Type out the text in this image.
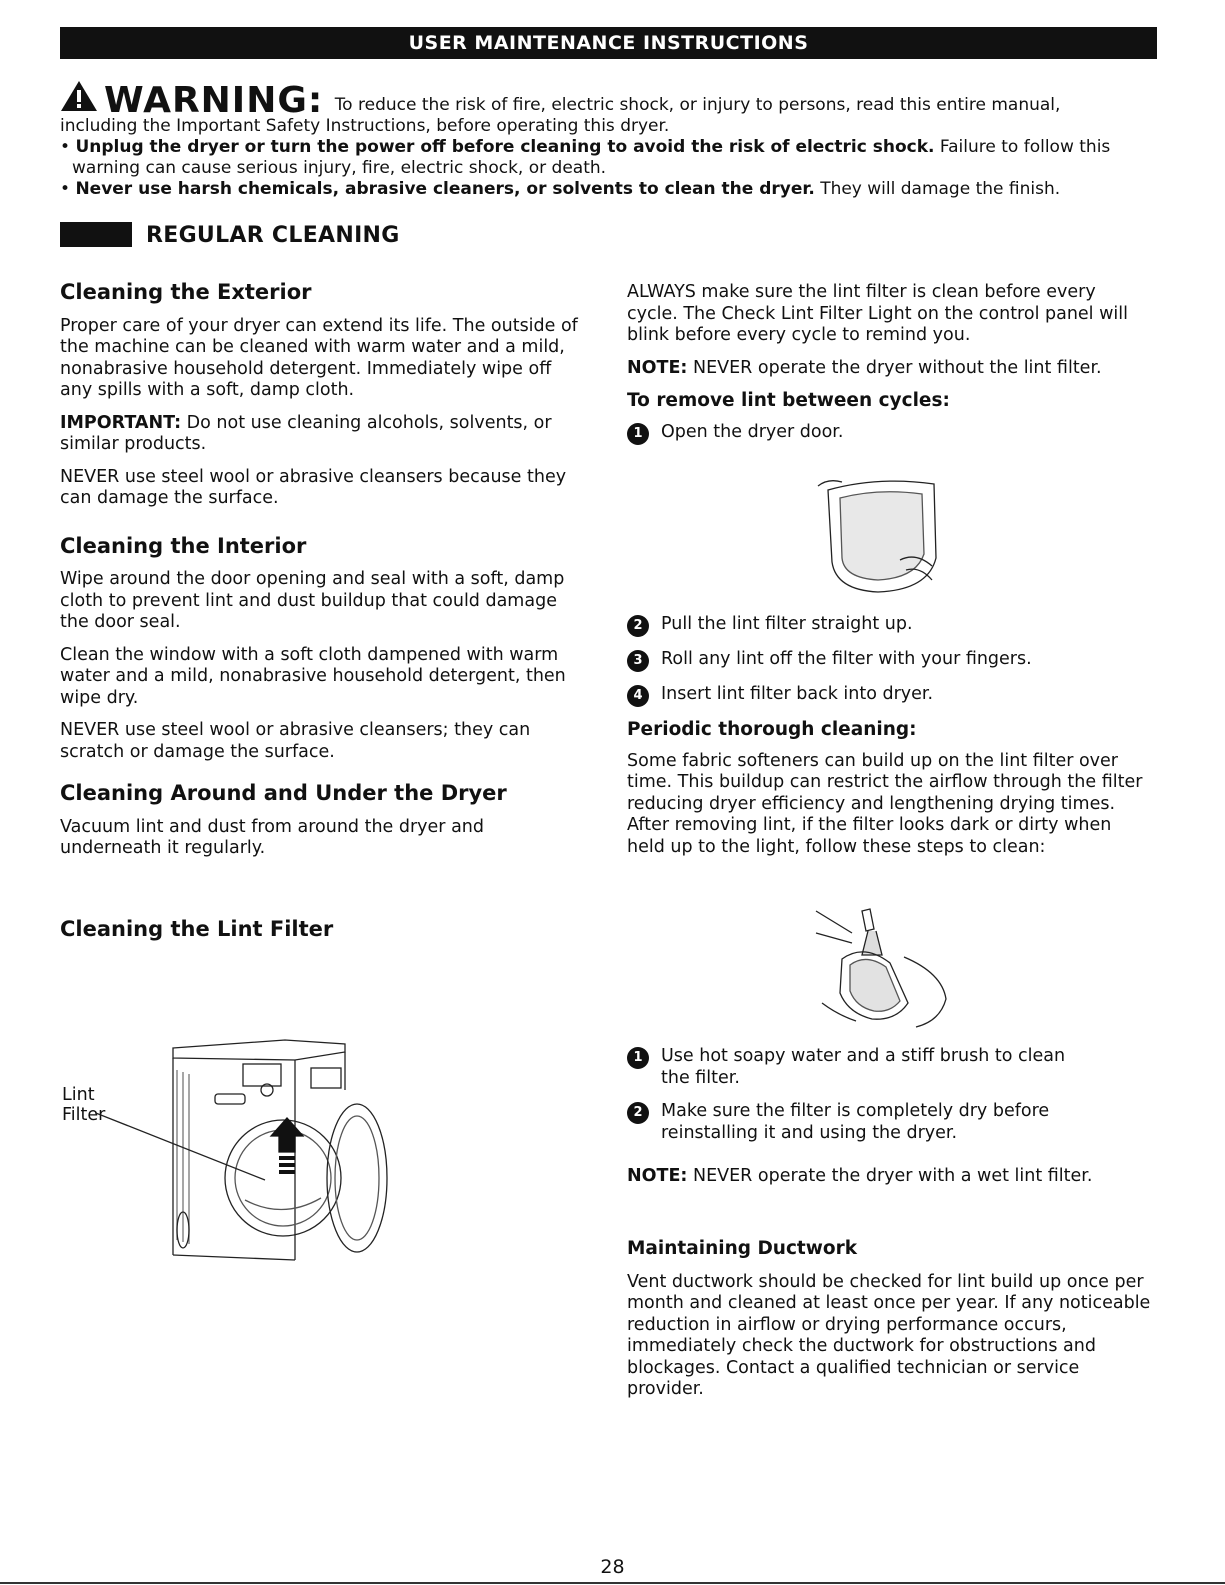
USER MAINTENANCE INSTRUCTIONS
WARNING: To reduce the risk of fire, electric shock, or injury to persons, read this entire manual,
including the Important Safety Instructions, before operating this dryer.
• Unplug the dryer or turn the power off before cleaning to avoid the risk of electric shock. Failure to follow this
warning can cause serious injury, fire, electric shock, or death.
• Never use harsh chemicals, abrasive cleaners, or solvents to clean the dryer. They will damage the finish.
REGULAR CLEANING
Cleaning the Exterior

Proper care of your dryer can extend its life. The outside of the machine can be cleaned with warm water and a mild, nonabrasive household detergent. Immediately wipe off any spills with a soft, damp cloth.

IMPORTANT: Do not use cleaning alcohols, solvents, or similar products.

NEVER use steel wool or abrasive cleansers because they can damage the surface.

Cleaning the Interior

Wipe around the door opening and seal with a soft, damp cloth to prevent lint and dust buildup that could damage the door seal.

Clean the window with a soft cloth dampened with warm water and a mild, nonabrasive household detergent, then wipe dry.

NEVER use steel wool or abrasive cleansers; they can scratch or damage the surface.

Cleaning Around and Under the Dryer

Vacuum lint and dust from around the dryer and underneath it regularly.

Cleaning the Lint Filter
Lint
Filter

ALWAYS make sure the lint filter is clean before every cycle. The Check Lint Filter Light on the control panel will blink before every cycle to remind you.

NOTE: NEVER operate the dryer without the lint filter.

To remove lint between cycles:
1	Open the dryer door.
2	Pull the lint filter straight up.
3	Roll any lint off the filter with your fingers.
4	Insert lint filter back into dryer.
Periodic thorough cleaning:

Some fabric softeners can build up on the lint filter over time. This buildup can restrict the airflow through the filter reducing dryer efficiency and lengthening drying times. After removing lint, if the filter looks dark or dirty when held up to the light, follow these steps to clean:

1	Use hot soapy water and a stiff brush to clean the filter.
2	Make sure the filter is completely dry before reinstalling it and using the dryer.

NOTE: NEVER operate the dryer with a wet lint filter.

Maintaining Ductwork

Vent ductwork should be checked for lint build up once per month and cleaned at least once per year. If any noticeable reduction in airflow or drying performance occurs, immediately check the ductwork for obstructions and blockages. Contact a qualified technician or service provider.

28
